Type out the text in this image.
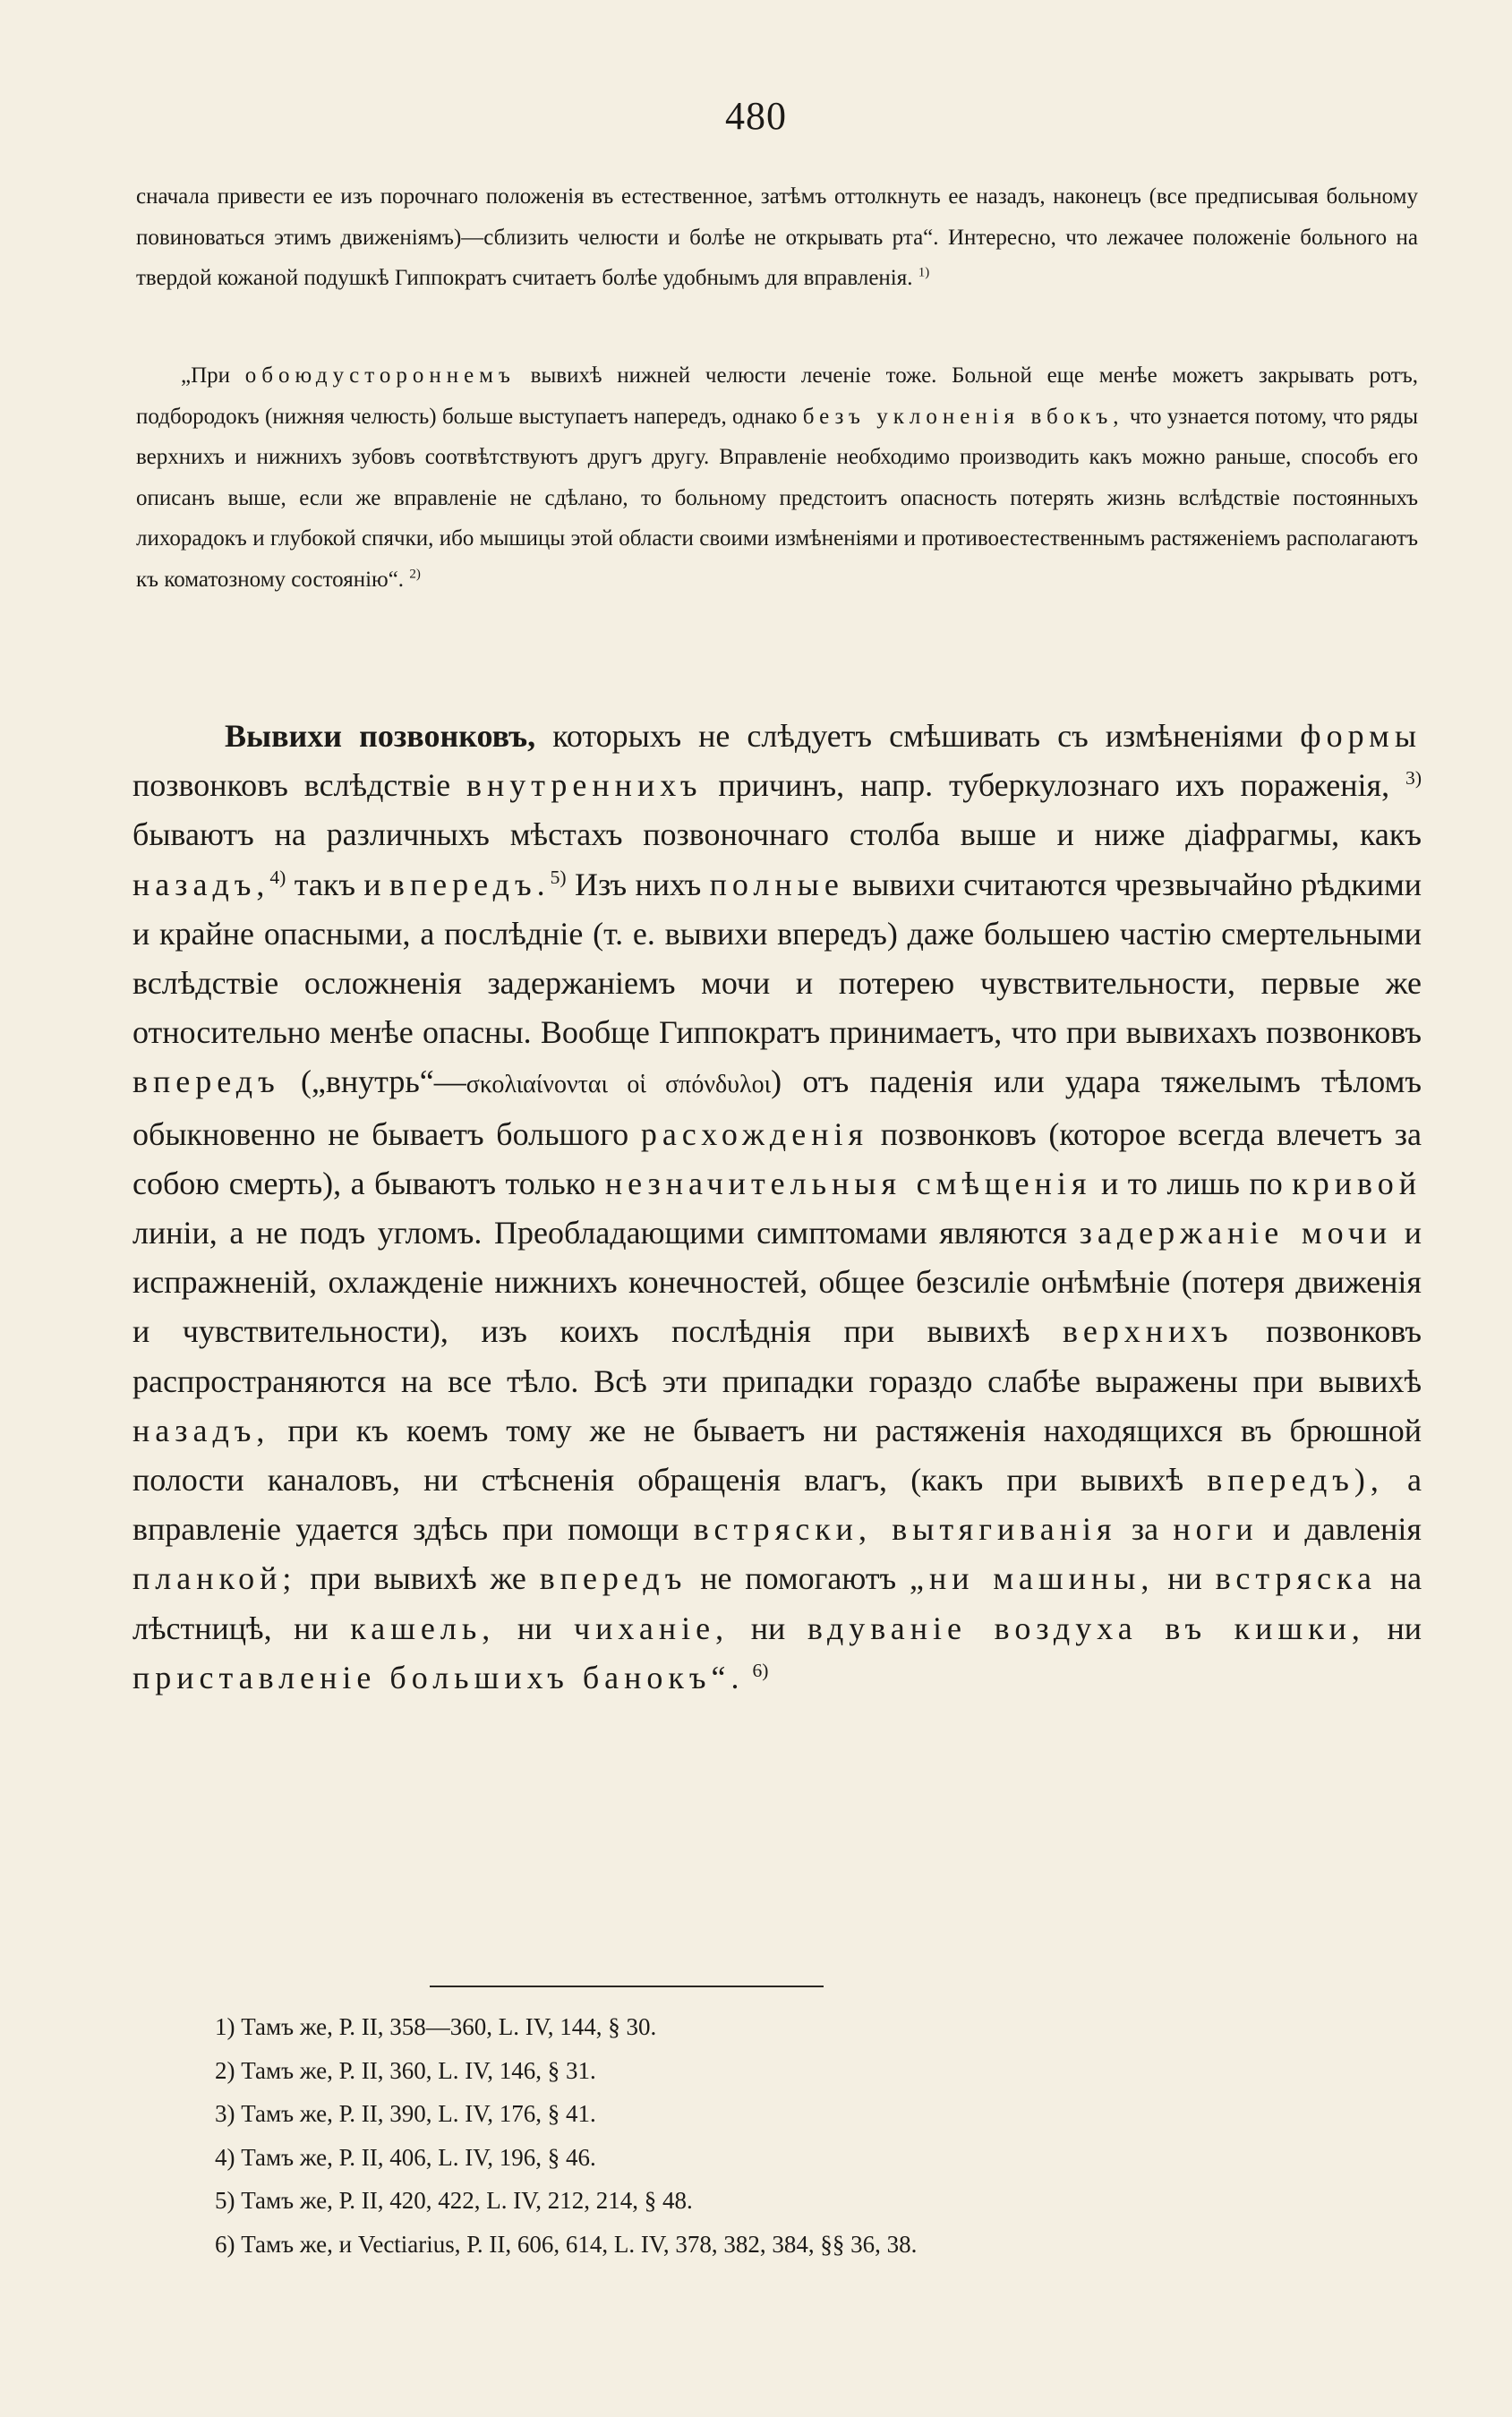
480
сначала привести ее изъ порочнаго положенія въ естественное, затѣмъ оттолкнуть ее назадъ, наконецъ (все предписывая больному повиноваться этимъ движеніямъ)—сблизить челюсти и болѣе не открывать рта“. Интересно, что лежачее положеніе больного на твердой кожаной подушкѣ Гиппократъ считаетъ болѣе удобнымъ для вправленія. $^{1)}$
„При обоюдустороннемъ вывихѣ нижней челюсти леченіе тоже. Больной еще менѣе можетъ закрывать ротъ, подбородокъ (нижняя челюсть) больше выступаетъ напередъ, однако безъ уклоненія вбокъ, что узнается потому, что ряды верхнихъ и нижнихъ зубовъ соотвѣтствуютъ другъ другу. Вправленіе необходимо производить какъ можно раньше, способъ его описанъ выше, если же вправленіе не сдѣлано, то больному предстоитъ опасность потерять жизнь вслѣдствіе постоянныхъ лихорадокъ и глубокой спячки, ибо мышицы этой области своими измѣненіями и противоестественнымъ растяженіемъ располагаютъ къ коматозному состоянію“. $^{2)}$
Вывихи позвонковъ, которыхъ не слѣдуетъ смѣшивать съ измѣненіями формы позвонковъ вслѣдствіе внутреннихъ причинъ, напр. туберкулознаго ихъ пораженія, $^{3)}$ бываютъ на различныхъ мѣстахъ позвоночнаго столба выше и ниже діафрагмы, какъ назадъ,$^{4)}$ такъ и впередъ.$^{5)}$ Изъ нихъ полные вывихи считаются чрезвычайно рѣдкими и крайне опасными, а послѣдніе (т. е. вывихи впередъ) даже большею частію смертельными вслѣдствіе осложненія задержаніемъ мочи и потерею чувствительности, первые же относительно менѣе опасны. Вообще Гиппократъ принимаетъ, что при вывихахъ позвонковъ впередъ („внутрь“—σκολιαίνονται οἱ σπόνδυλοι) отъ паденія или удара тяжелымъ тѣломъ обыкновенно не бываетъ большого расхожденія позвонковъ (которое всегда влечетъ за собою смерть), а бываютъ только незначительныя смѣщенія и то лишь по кривой линіи, а не подъ угломъ. Преобладающими симптомами являются задержаніе мочи и испражненій, охлажденіе нижнихъ конечностей, общее безсиліе онѣмѣніе (потеря движенія и чувствительности), изъ коихъ послѣднія при вывихѣ верхнихъ позвонковъ распространяются на все тѣло. Всѣ эти припадки гораздо слабѣе выражены при вывихѣ назадъ, при къ коемъ тому же не бываетъ ни растяженія находящихся въ брюшной полости каналовъ, ни стѣсненія обращенія влагъ, (какъ при вывихѣ впередъ), а вправленіе удается здѣсь при помощи встряски, вытягиванія за ноги и давленія планкой; при вывихѣ же впередъ не помогаютъ „ни машины, ни встряска на лѣстницѣ, ни кашель, ни чиханіе, ни вдуваніе воздуха въ кишки, ни приставленіе большихъ банокъ“. $^{6)}$
1) Тамъ же, Р. II, 358—360, L. IV, 144, § 30.
2) Тамъ же, Р. II, 360, L. IV, 146, § 31.
3) Тамъ же, Р. II, 390, L. IV, 176, § 41.
4) Тамъ же, Р. II, 406, L. IV, 196, § 46.
5) Тамъ же, Р. II, 420, 422, L. IV, 212, 214, § 48.
6) Тамъ же, и Vectiarius, Р. II, 606, 614, L. IV, 378, 382, 384, §§ 36, 38.
